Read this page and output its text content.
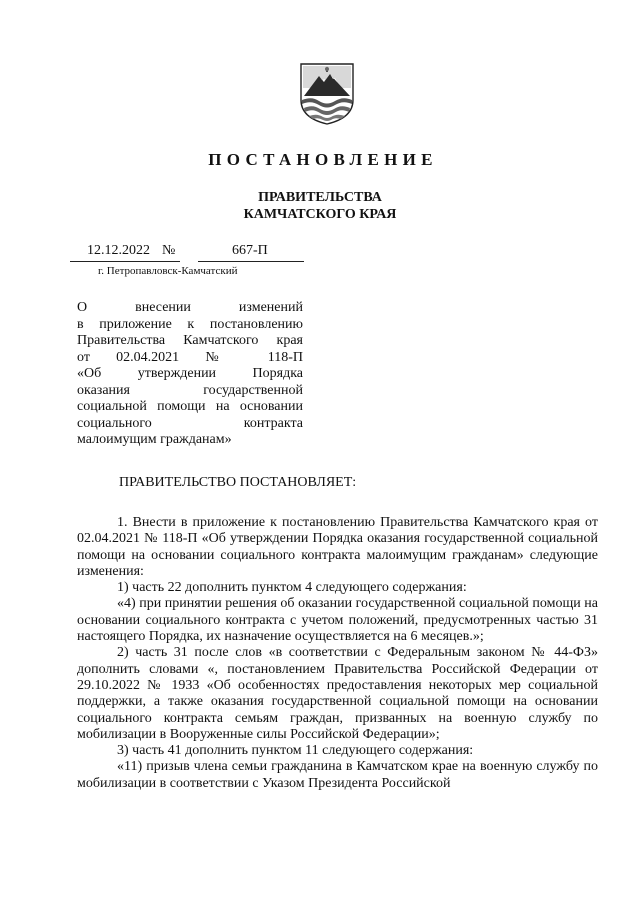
ПОСТАНОВЛЕНИЕ
ПРАВИТЕЛЬСТВА
КАМЧАТСКОГО КРАЯ
12.12.2022 №	667-П
г. Петропавловск-Камчатский
О внесении изменений
в приложение к постановлению
Правительства Камчатского края
от 02.04.2021 № 118-П
«Об утверждении Порядка
оказания государственной
социальной помощи на основании
социального контракта
малоимущим гражданам»
ПРАВИТЕЛЬСТВО ПОСТАНОВЛЯЕТ:

1. Внести в приложение к постановлению Правительства Камчатского края от 02.04.2021 № 118-П «Об утверждении Порядка оказания государственной социальной помощи на основании социального контракта малоимущим гражданам» следующие изменения:

1) часть 22 дополнить пунктом 4 следующего содержания:

«4) при принятии решения об оказании государственной социальной помощи на основании социального контракта с учетом положений, предусмотренных частью 31 настоящего Порядка, их назначение осуществляется на 6 месяцев.»;

2) часть 31 после слов «в соответствии с Федеральным законом № 44-ФЗ» дополнить словами «, постановлением Правительства Российской Федерации от 29.10.2022 № 1933 «Об особенностях предоставления некоторых мер социальной поддержки, а также оказания государственной социальной помощи на основании социального контракта семьям граждан, призванных на военную службу по мобилизации в Вооруженные силы Российской Федерации»;

3) часть 41 дополнить пунктом 11 следующего содержания:

«11) призыв члена семьи гражданина в Камчатском крае на военную службу по мобилизации в соответствии с Указом Президента Российской
